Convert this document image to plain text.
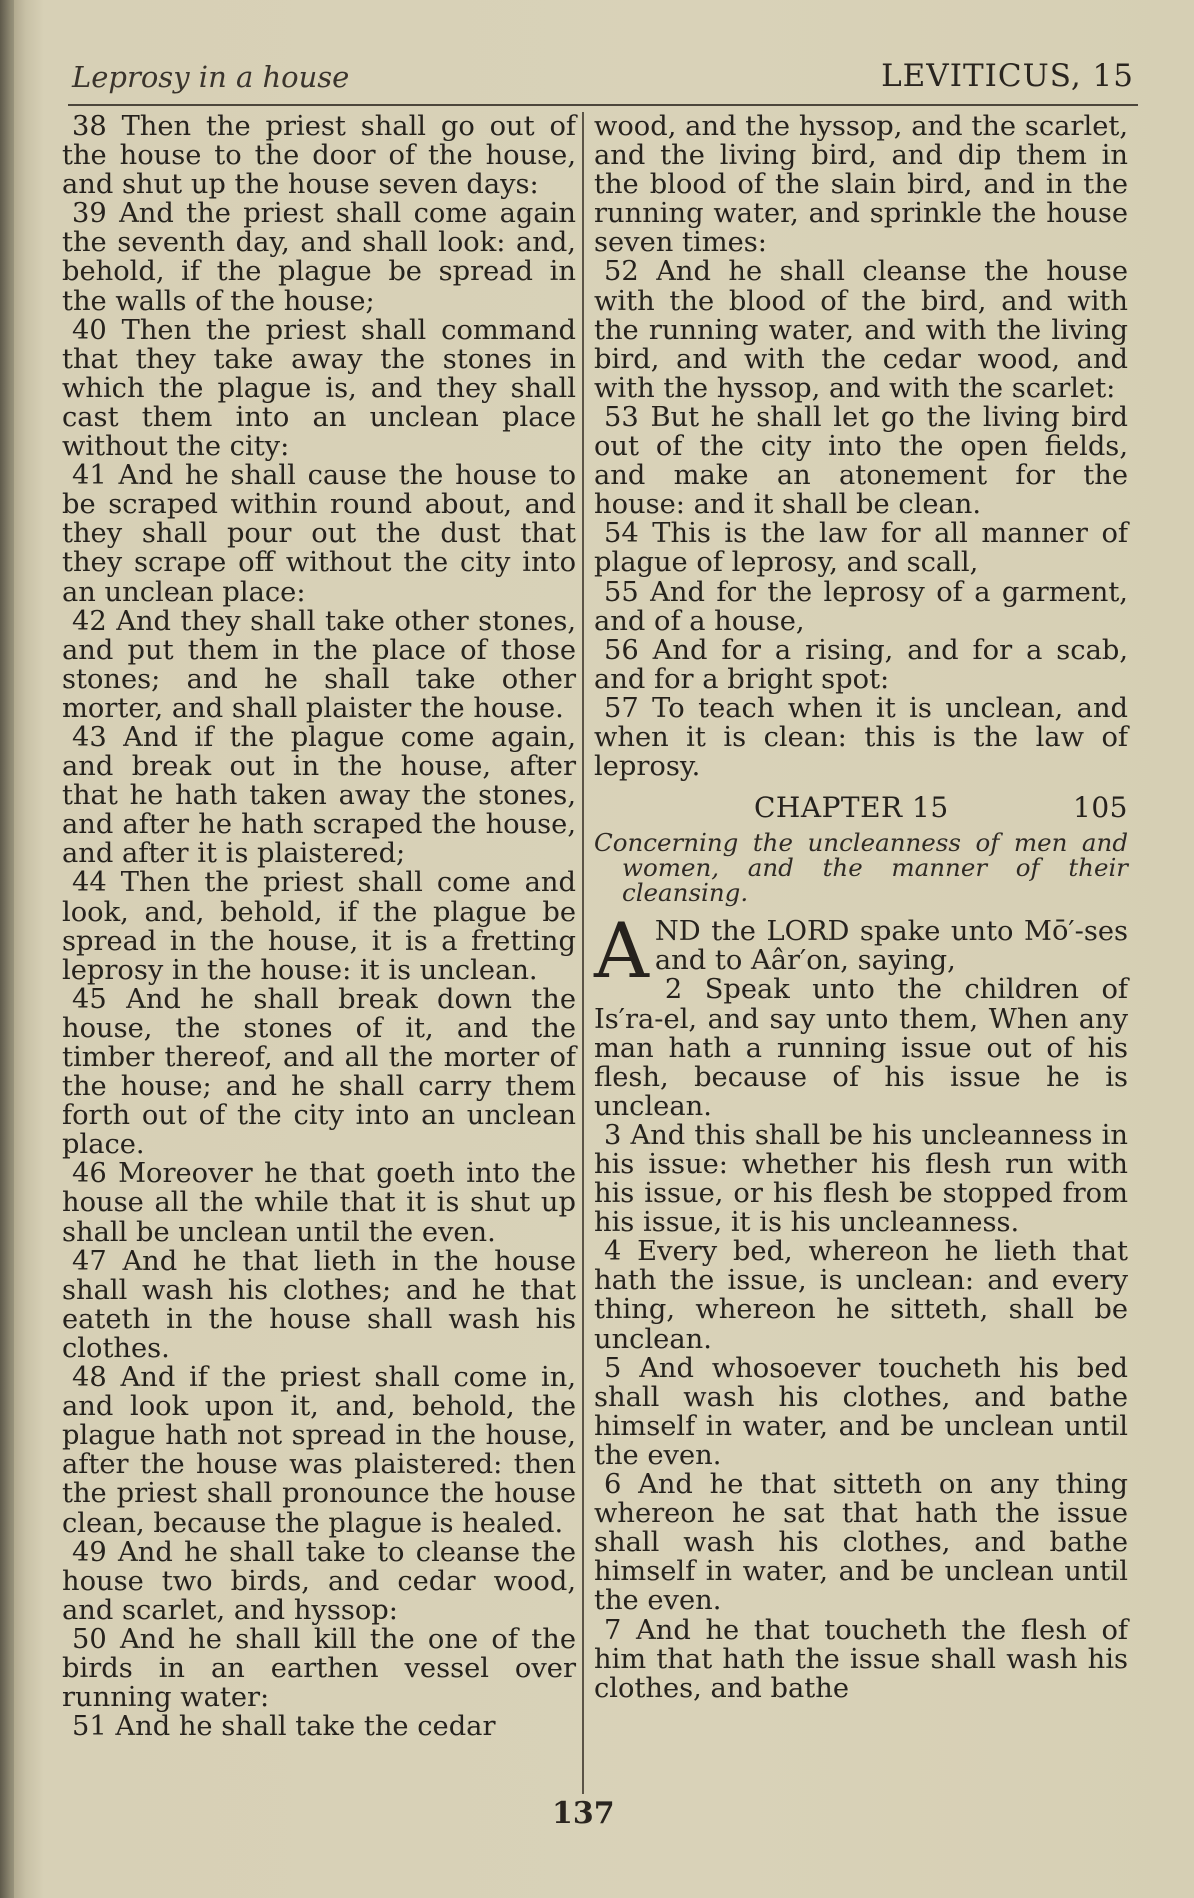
Leprosy in a house	LEVITICUS, 15

38 Then the priest shall go out of the house to the door of the house, and shut up the house seven days:

39 And the priest shall come again the seventh day, and shall look: and, behold, if the plague be spread in the walls of the house;

40 Then the priest shall command that they take away the stones in which the plague is, and they shall cast them into an unclean place without the city:

41 And he shall cause the house to be scraped within round about, and they shall pour out the dust that they scrape off without the city into an unclean place:

42 And they shall take other stones, and put them in the place of those stones; and he shall take other morter, and shall plaister the house.

43 And if the plague come again, and break out in the house, after that he hath taken away the stones, and after he hath scraped the house, and after it is plaistered;

44 Then the priest shall come and look, and, behold, if the plague be spread in the house, it is a fretting leprosy in the house: it is unclean.

45 And he shall break down the house, the stones of it, and the timber thereof, and all the morter of the house; and he shall carry them forth out of the city into an unclean place.

46 Moreover he that goeth into the house all the while that it is shut up shall be unclean until the even.

47 And he that lieth in the house shall wash his clothes; and he that eateth in the house shall wash his clothes.

48 And if the priest shall come in, and look upon it, and, behold, the plague hath not spread in the house, after the house was plaistered: then the priest shall pronounce the house clean, because the plague is healed.

49 And he shall take to cleanse the house two birds, and cedar wood, and scarlet, and hyssop:

50 And he shall kill the one of the birds in an earthen vessel over running water:

51 And he shall take the cedar

wood, and the hyssop, and the scarlet, and the living bird, and dip them in the blood of the slain bird, and in the running water, and sprinkle the house seven times:

52 And he shall cleanse the house with the blood of the bird, and with the running water, and with the living bird, and with the cedar wood, and with the hyssop, and with the scarlet:

53 But he shall let go the living bird out of the city into the open fields, and make an atonement for the house: and it shall be clean.

54 This is the law for all manner of plague of leprosy, and scall,

55 And for the leprosy of a garment, and of a house,

56 And for a rising, and for a scab, and for a bright spot:

57 To teach when it is unclean, and when it is clean: this is the law of leprosy.

CHAPTER 15	105

Concerning the uncleanness of men and women, and the manner of their cleansing.

AND the LORD spake unto Mō′-ses and to Aâr′on, saying,

2 Speak unto the children of Is′ra-el, and say unto them, When any man hath a running issue out of his flesh, because of his issue he is unclean.

3 And this shall be his uncleanness in his issue: whether his flesh run with his issue, or his flesh be stopped from his issue, it is his uncleanness.

4 Every bed, whereon he lieth that hath the issue, is unclean: and every thing, whereon he sitteth, shall be unclean.

5 And whosoever toucheth his bed shall wash his clothes, and bathe himself in water, and be unclean until the even.

6 And he that sitteth on any thing whereon he sat that hath the issue shall wash his clothes, and bathe himself in water, and be unclean until the even.

7 And he that toucheth the flesh of him that hath the issue shall wash his clothes, and bathe

137
